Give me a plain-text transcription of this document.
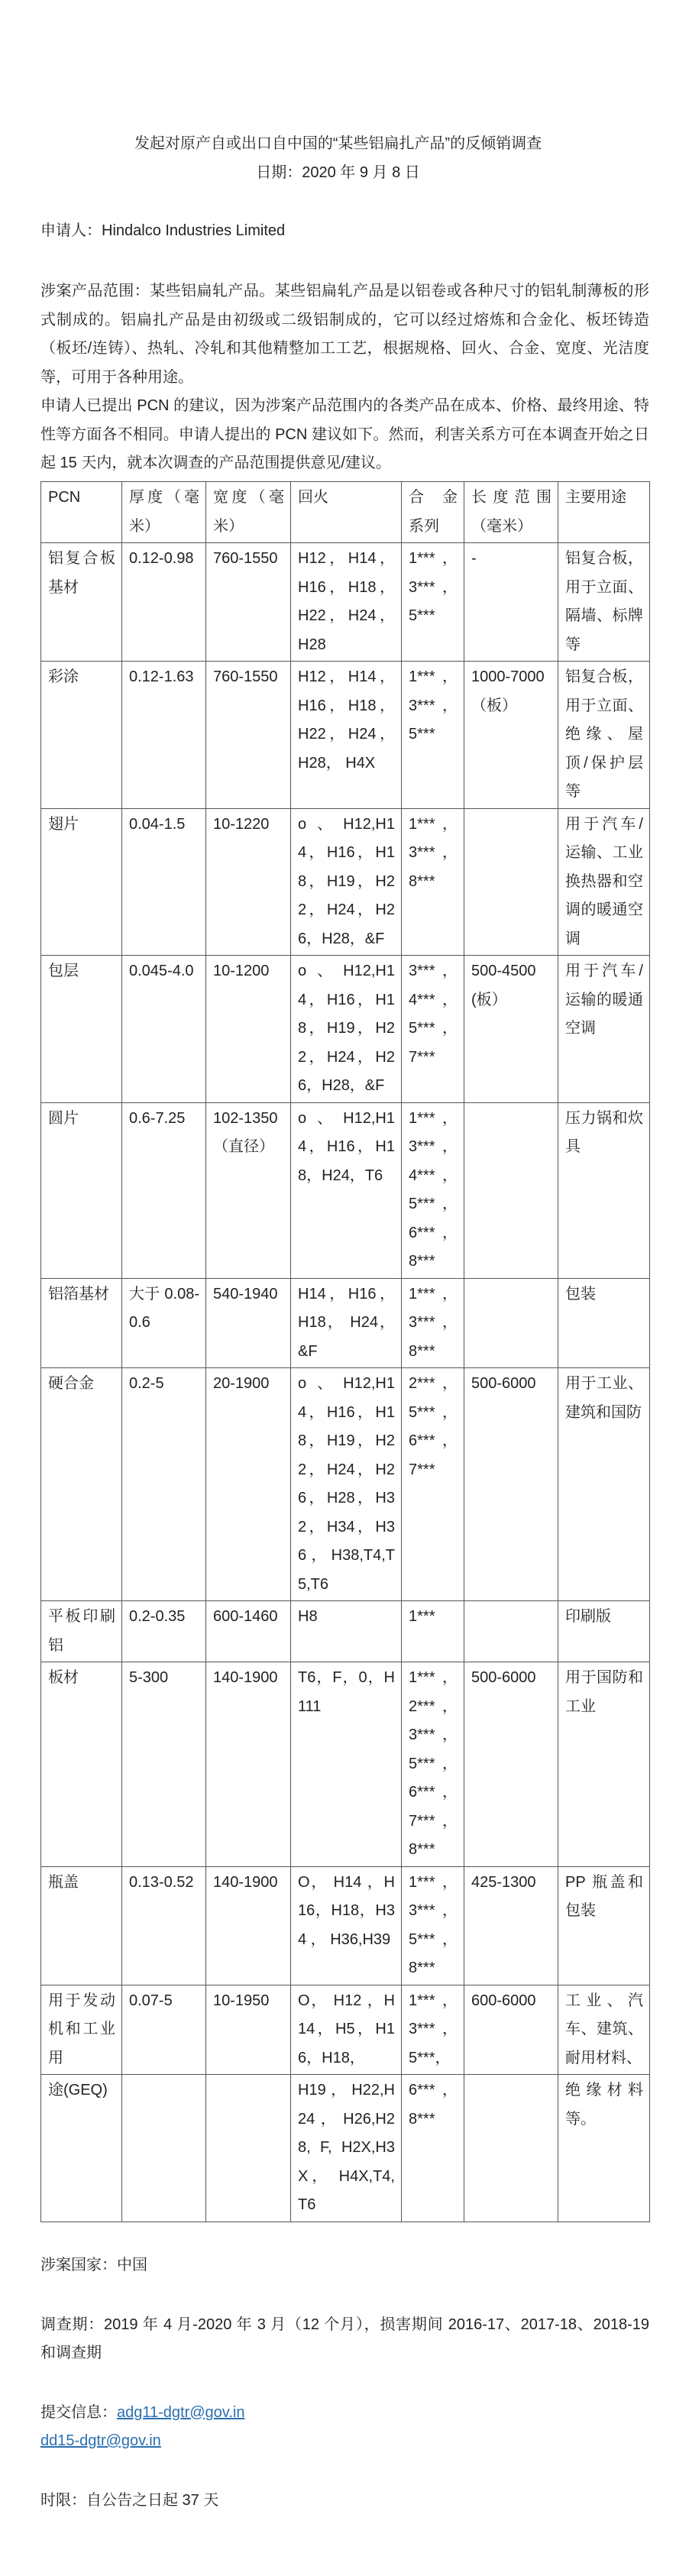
发起对原产自或出口自中国的“某些铝扁扎产品”的反倾销调查
日期：2020 年 9 月 8 日
申请人：Hindalco Industries Limited
涉案产品范围：某些铝扁轧产品。某些铝扁轧产品是以铝卷或各种尺寸的铝轧制薄板的形式制成的。铝扁扎产品是由初级或二级铝制成的，它可以经过熔炼和合金化、板坯铸造（板坯/连铸）、热轧、冷轧和其他精整加工工艺，根据规格、回火、合金、宽度、光洁度等，可用于各种用途。
申请人已提出 PCN 的建议，因为涉案产品范围内的各类产品在成本、价格、最终用途、特性等方面各不相同。申请人提出的 PCN 建议如下。然而，利害关系方可在本调查开始之日起 15 天内，就本次调查的产品范围提供意见/建议。
PCN	厚度（毫米）	宽度（毫米）	回火	合 金 系列	长度范围（毫米）	主要用途
铝复合板基材	0.12-0.98	760-1550	H12，H14，H16，H18，H22，H24，H28	1***，3***，5***	-	铝复合板，用于立面、隔墙、标牌等
彩涂	0.12-1.63	760-1550	H12，H14，H16，H18，H22，H24，H28， H4X	1***，3***，5***	1000-7000（板）	铝复合板，用于立面、绝缘、屋顶/保护层等
翅片	0.04-1.5	10-1220	o、H12,H14，H16，H18，H19，H22，H24，H26，H28，&F	1***，3***，8***		用于汽车/运输、工业换热器和空调的暖通空调
包层	0.045-4.0	10-1200	o、H12,H14，H16，H18，H19，H22，H24，H26，H28，&F	3***，4***，5***，7***	500-4500(板）	用于汽车/运输的暖通空调
圆片	0.6-7.25	102-1350（直径）	o、H12,H14，H16，H18，H24，T6	1***，3***，4***，5***，6***，8***		压力锅和炊具
铝箔基材	大于 0.08-0.6	540-1940	H14，H16，H18， H24，&F	1***，3***，8***		包装
硬合金	0.2-5	20-1900	o、H12,H14，H16，H18，H19，H22，H24，H26，H28，H32，H34，H36，H38,T4,T5,T6	2***，5***，6***，7***	500-6000	用于工业、建筑和国防
平板印刷铝	0.2-0.35	600-1460	H8	1***		印刷版
板材	5-300	140-1900	T6，F，0，H111	1***，2***，3***，5***，6***，7***，8***	500-6000	用于国防和工业
瓶盖	0.13-0.52	140-1900	O， H14 ，H16，H18，H34 ， H36,H39	1***，3***，5***，8***	425-1300	PP 瓶盖和包装
用于发动机和工业用	0.07-5	10-1950	O， H12 ，H14，H5，H16，H18，	1***，3***，5***，	600-6000	工业、汽车、建筑、耐用材料、
途(GEQ)			H19 ， H22,H24 ， H26,H28, F, H2X,H3X， H4X,T4, T6	6***，8***		绝缘材料等。
涉案国家：中国
调查期：2019 年 4 月-2020 年 3 月（12 个月），损害期间 2016-17、2017-18、2018-19 和调查期
提交信息：adg11-dgtr@gov.in
dd15-dgtr@gov.in
时限：自公告之日起 37 天
